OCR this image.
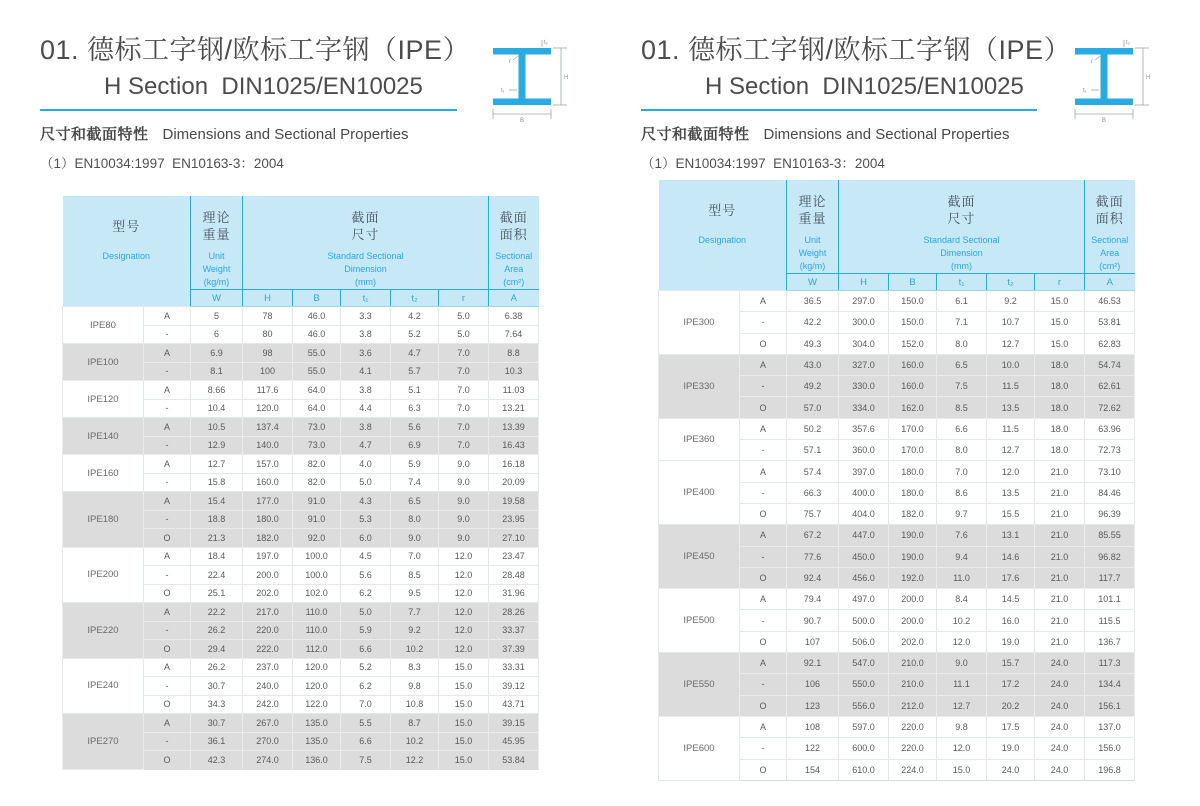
01. 德标工字钢/欧标工字钢（IPE）
H Section  DIN1025/EN10025
尺寸和截面特性 Dimensions and Sectional Properties
（1）EN10034:1997  EN10163-3：2004
t₂
r
t₁
H
B
型号
Designation

理论
重量
Unit
Weight
(kg/m)

截面
尺寸
Standard Sectional
Dimension
(mm)

截面
面积
Sectional
Area
(cm²)

		W	H	B	t₁	t₂	r	A
IPE80	A	5	78	46.0	3.3	4.2	5.0	6.38
	-	6	80	46.0	3.8	5.2	5.0	7.64
IPE100	A	6.9	98	55.0	3.6	4.7	7.0	8.8
	-	8.1	100	55.0	4.1	5.7	7.0	10.3
IPE120	A	8.66	117.6	64.0	3.8	5.1	7.0	11.03
	-	10.4	120.0	64.0	4.4	6.3	7.0	13.21
IPE140	A	10.5	137.4	73.0	3.8	5.6	7.0	13.39
	-	12.9	140.0	73.0	4.7	6.9	7.0	16.43
IPE160	A	12.7	157.0	82.0	4.0	5.9	9.0	16.18
	-	15.8	160.0	82.0	5.0	7.4	9.0	20.09
IPE180	A	15.4	177.0	91.0	4.3	6.5	9.0	19.58
	-	18.8	180.0	91.0	5.3	8.0	9.0	23.95
	O	21.3	182.0	92.0	6.0	9.0	9.0	27.10
IPE200	A	18.4	197.0	100.0	4.5	7.0	12.0	23.47
	-	22.4	200.0	100.0	5.6	8.5	12.0	28.48
	O	25.1	202.0	102.0	6.2	9.5	12.0	31.96
IPE220	A	22.2	217.0	110.0	5.0	7.7	12.0	28.26
	-	26.2	220.0	110.0	5.9	9.2	12.0	33.37
	O	29.4	222.0	112.0	6.6	10.2	12.0	37.39
IPE240	A	26.2	237.0	120.0	5.2	8.3	15.0	33.31
	-	30.7	240.0	120.0	6.2	9.8	15.0	39.12
	O	34.3	242.0	122.0	7.0	10.8	15.0	43.71
IPE270	A	30.7	267.0	135.0	5.5	8.7	15.0	39.15
	-	36.1	270.0	135.0	6.6	10.2	15.0	45.95
	O	42.3	274.0	136.0	7.5	12.2	15.0	53.84
01. 德标工字钢/欧标工字钢（IPE）
H Section  DIN1025/EN10025
尺寸和截面特性 Dimensions and Sectional Properties
（1）EN10034:1997  EN10163-3：2004
t₂
r
t₁
H
B
型号
Designation

理论
重量
Unit
Weight
(kg/m)

截面
尺寸
Standard Sectional
Dimension
(mm)

截面
面积
Sectional
Area
(cm²)

		W	H	B	t₁	t₂	r	A
IPE300	A	36.5	297.0	150.0	6.1	9.2	15.0	46.53
	-	42.2	300.0	150.0	7.1	10.7	15.0	53.81
	O	49.3	304.0	152.0	8.0	12.7	15.0	62.83
IPE330	A	43.0	327.0	160.0	6.5	10.0	18.0	54.74
	-	49.2	330.0	160.0	7.5	11.5	18.0	62.61
	O	57.0	334.0	162.0	8.5	13.5	18.0	72.62
IPE360	A	50.2	357.6	170.0	6.6	11.5	18.0	63.96
	-	57.1	360.0	170.0	8.0	12.7	18.0	72.73
IPE400	A	57.4	397.0	180.0	7.0	12.0	21.0	73.10
	-	66.3	400.0	180.0	8.6	13.5	21.0	84.46
	O	75.7	404.0	182.0	9.7	15.5	21.0	96.39
IPE450	A	67.2	447.0	190.0	7.6	13.1	21.0	85.55
	-	77.6	450.0	190.0	9.4	14.6	21.0	96.82
	O	92.4	456.0	192.0	11.0	17.6	21.0	117.7
IPE500	A	79.4	497.0	200.0	8.4	14.5	21.0	101.1
	-	90.7	500.0	200.0	10.2	16.0	21.0	115.5
	O	107	506.0	202.0	12.0	19.0	21.0	136.7
IPE550	A	92.1	547.0	210.0	9.0	15.7	24.0	117.3
	-	106	550.0	210.0	11.1	17.2	24.0	134.4
	O	123	556.0	212.0	12.7	20.2	24.0	156.1
IPE600	A	108	597.0	220.0	9.8	17.5	24.0	137.0
	-	122	600.0	220.0	12.0	19.0	24.0	156.0
	O	154	610.0	224.0	15.0	24.0	24.0	196.8
